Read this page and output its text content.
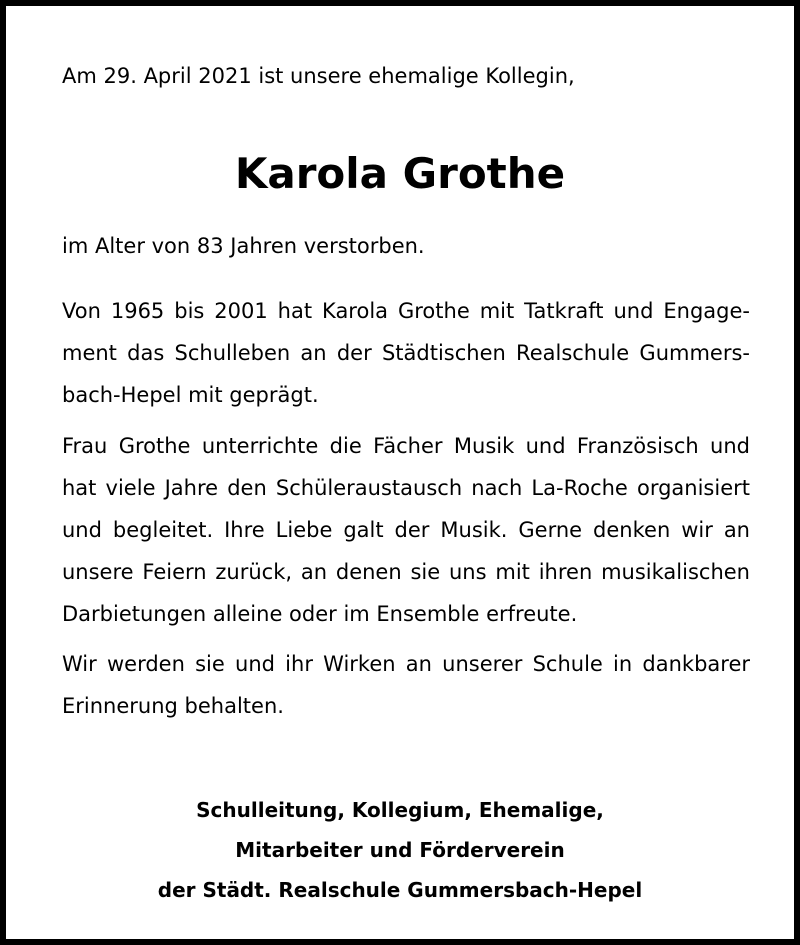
Am 29. April 2021 ist unsere ehemalige Kollegin,
Karola Grothe
im Alter von 83 Jahren verstorben.
Von 1965 bis 2001 hat Karola Grothe mit Tatkraft und Engage-
ment das Schulleben an der Städtischen Realschule Gummers-
bach-Hepel mit geprägt.
Frau Grothe unterrichte die Fächer Musik und Französisch und
hat viele Jahre den Schüleraustausch nach La-Roche organisiert
und begleitet. Ihre Liebe galt der Musik. Gerne denken wir an
unsere Feiern zurück, an denen sie uns mit ihren musikalischen
Darbietungen alleine oder im Ensemble erfreute.
Wir werden sie und ihr Wirken an unserer Schule in dankbarer
Erinnerung behalten.
Schulleitung, Kollegium, Ehemalige,
Mitarbeiter und Förderverein
der Städt. Realschule Gummersbach-Hepel
